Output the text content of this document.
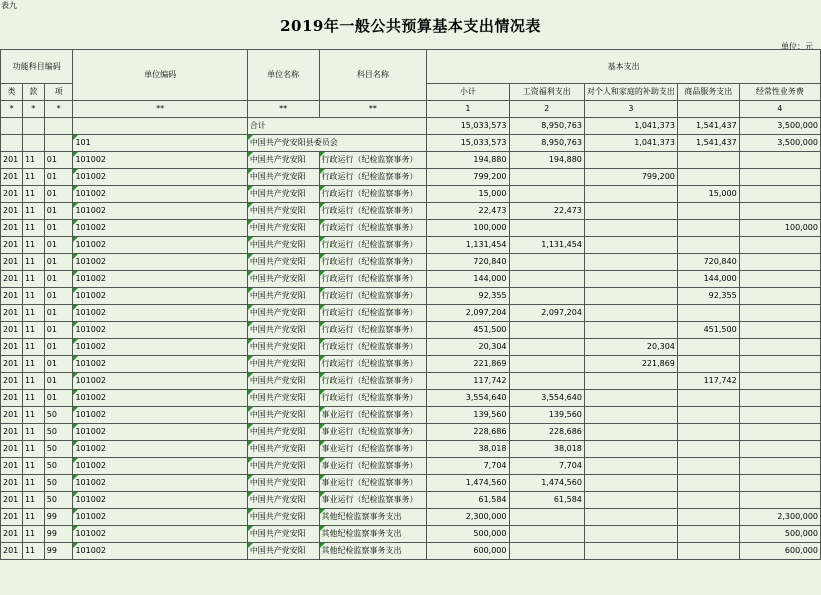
表九
2019年一般公共预算基本支出情况表
单位：元
功能科目编码			单位编码	单位名称	科目名称	基本支出				

类	款	项				小计	工资福利支出	对个人和家庭的补助支出	商品服务支出	经常性业务费
*	*	*	**	**	**	1	2	3		4
				合计		15,033,573	8,950,763	1,041,373	1,541,437	3,500,000
			101	中国共产党安阳县委员会		15,033,573	8,950,763	1,041,373	1,541,437	3,500,000
201	11	01	101002	中国共产党安阳	行政运行（纪检监察事务）	194,880	194,880			
201	11	01	101002	中国共产党安阳	行政运行（纪检监察事务）	799,200		799,200		
201	11	01	101002	中国共产党安阳	行政运行（纪检监察事务）	15,000			15,000	
201	11	01	101002	中国共产党安阳	行政运行（纪检监察事务）	22,473	22,473			
201	11	01	101002	中国共产党安阳	行政运行（纪检监察事务）	100,000				100,000
201	11	01	101002	中国共产党安阳	行政运行（纪检监察事务）	1,131,454	1,131,454			
201	11	01	101002	中国共产党安阳	行政运行（纪检监察事务）	720,840			720,840	
201	11	01	101002	中国共产党安阳	行政运行（纪检监察事务）	144,000			144,000	
201	11	01	101002	中国共产党安阳	行政运行（纪检监察事务）	92,355			92,355	
201	11	01	101002	中国共产党安阳	行政运行（纪检监察事务）	2,097,204	2,097,204			
201	11	01	101002	中国共产党安阳	行政运行（纪检监察事务）	451,500			451,500	
201	11	01	101002	中国共产党安阳	行政运行（纪检监察事务）	20,304		20,304		
201	11	01	101002	中国共产党安阳	行政运行（纪检监察事务）	221,869		221,869		
201	11	01	101002	中国共产党安阳	行政运行（纪检监察事务）	117,742			117,742	
201	11	01	101002	中国共产党安阳	行政运行（纪检监察事务）	3,554,640	3,554,640			
201	11	50	101002	中国共产党安阳	事业运行（纪检监察事务）	139,560	139,560			
201	11	50	101002	中国共产党安阳	事业运行（纪检监察事务）	228,686	228,686			
201	11	50	101002	中国共产党安阳	事业运行（纪检监察事务）	38,018	38,018			
201	11	50	101002	中国共产党安阳	事业运行（纪检监察事务）	7,704	7,704			
201	11	50	101002	中国共产党安阳	事业运行（纪检监察事务）	1,474,560	1,474,560			
201	11	50	101002	中国共产党安阳	事业运行（纪检监察事务）	61,584	61,584			
201	11	99	101002	中国共产党安阳	其他纪检监察事务支出	2,300,000				2,300,000
201	11	99	101002	中国共产党安阳	其他纪检监察事务支出	500,000				500,000
201	11	99	101002	中国共产党安阳	其他纪检监察事务支出	600,000				600,000
